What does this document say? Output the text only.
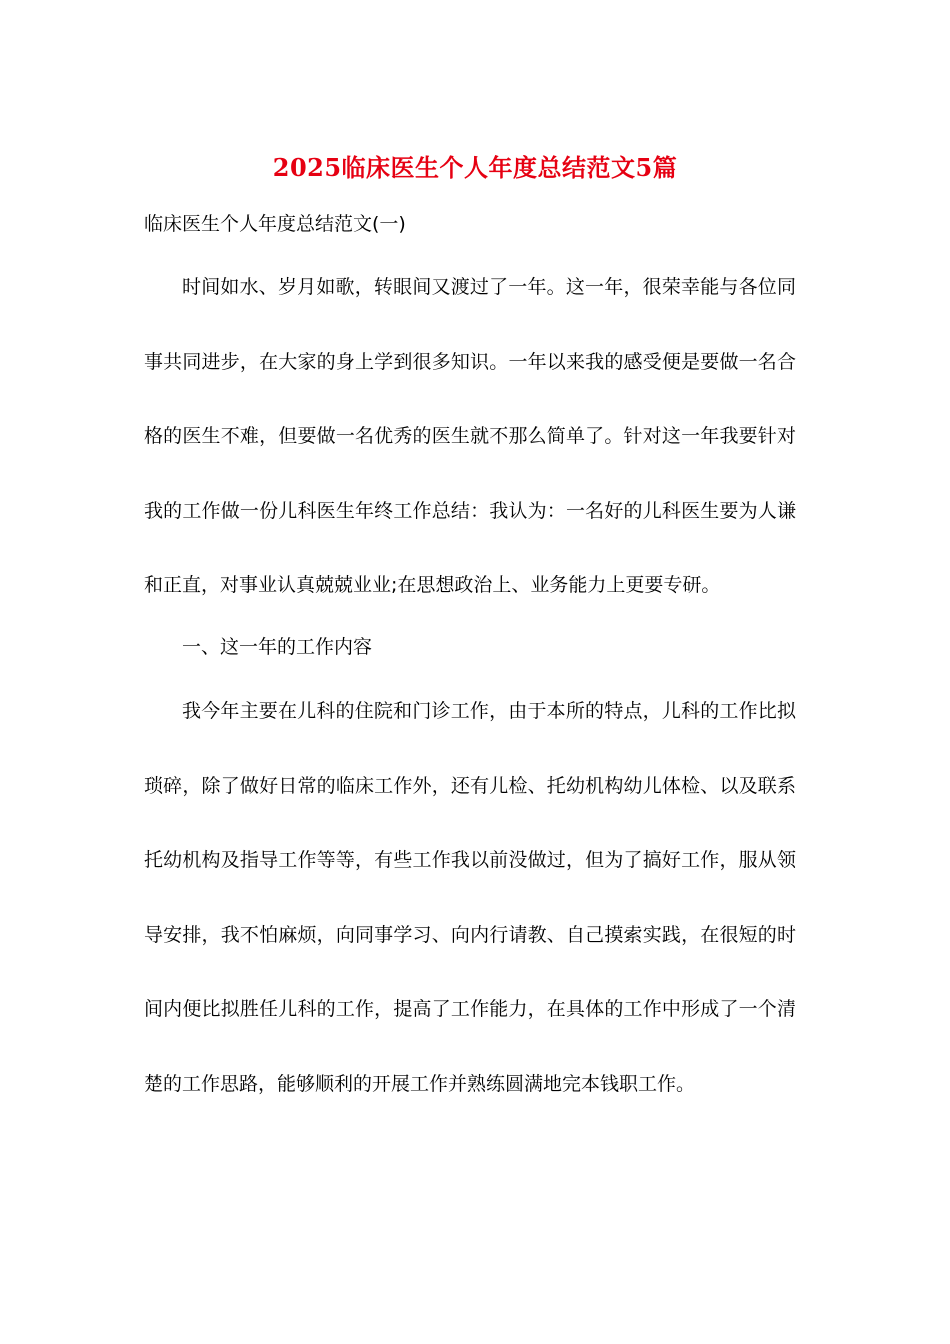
2025临床医生个人年度总结范文5篇
临床医生个人年度总结范文(一)

时间如水、岁月如歌，转眼间又渡过了一年。这一年，很荣幸能与各位同事共同进步，在大家的身上学到很多知识。一年以来我的感受便是要做一名合格的医生不难，但要做一名优秀的医生就不那么简单了。针对这一年我要针对我的工作做一份儿科医生年终工作总结：我认为：一名好的儿科医生要为人谦和正直，对事业认真兢兢业业;在思想政治上、业务能力上更要专研。

一、这一年的工作内容

我今年主要在儿科的住院和门诊工作，由于本所的特点，儿科的工作比拟琐碎，除了做好日常的临床工作外，还有儿检、托幼机构幼儿体检、以及联系托幼机构及指导工作等等，有些工作我以前没做过，但为了搞好工作，服从领导安排，我不怕麻烦，向同事学习、向内行请教、自己摸索实践，在很短的时间内便比拟胜任儿科的工作，提高了工作能力，在具体的工作中形成了一个清楚的工作思路，能够顺利的开展工作并熟练圆满地完本钱职工作。
